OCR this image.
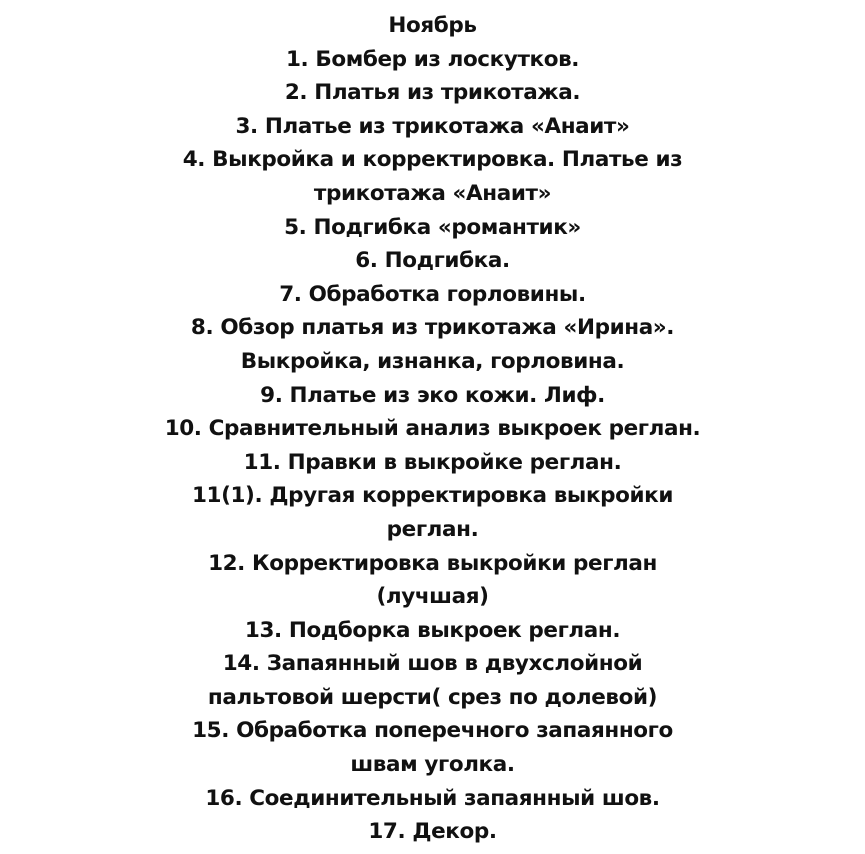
Ноябрь
1. Бомбер из лоскутков.
2. Платья из трикотажа.
3. Платье из трикотажа «Анаит»
4. Выкройка и корректировка. Платье из
трикотажа «Анаит»
5. Подгибка «романтик»
6. Подгибка.
7. Обработка горловины.
8. Обзор платья из трикотажа «Ирина».
Выкройка, изнанка, горловина.
9. Платье из эко кожи. Лиф.
10. Сравнительный анализ выкроек реглан.
11. Правки в выкройке реглан.
11(1). Другая корректировка выкройки
реглан.
12. Корректировка выкройки реглан
(лучшая)
13. Подборка выкроек реглан.
14. Запаянный шов в двухслойной
пальтовой шерсти( срез по долевой)
15. Обработка поперечного запаянного
швам уголка.
16. Соединительный запаянный шов.
17. Декор.
